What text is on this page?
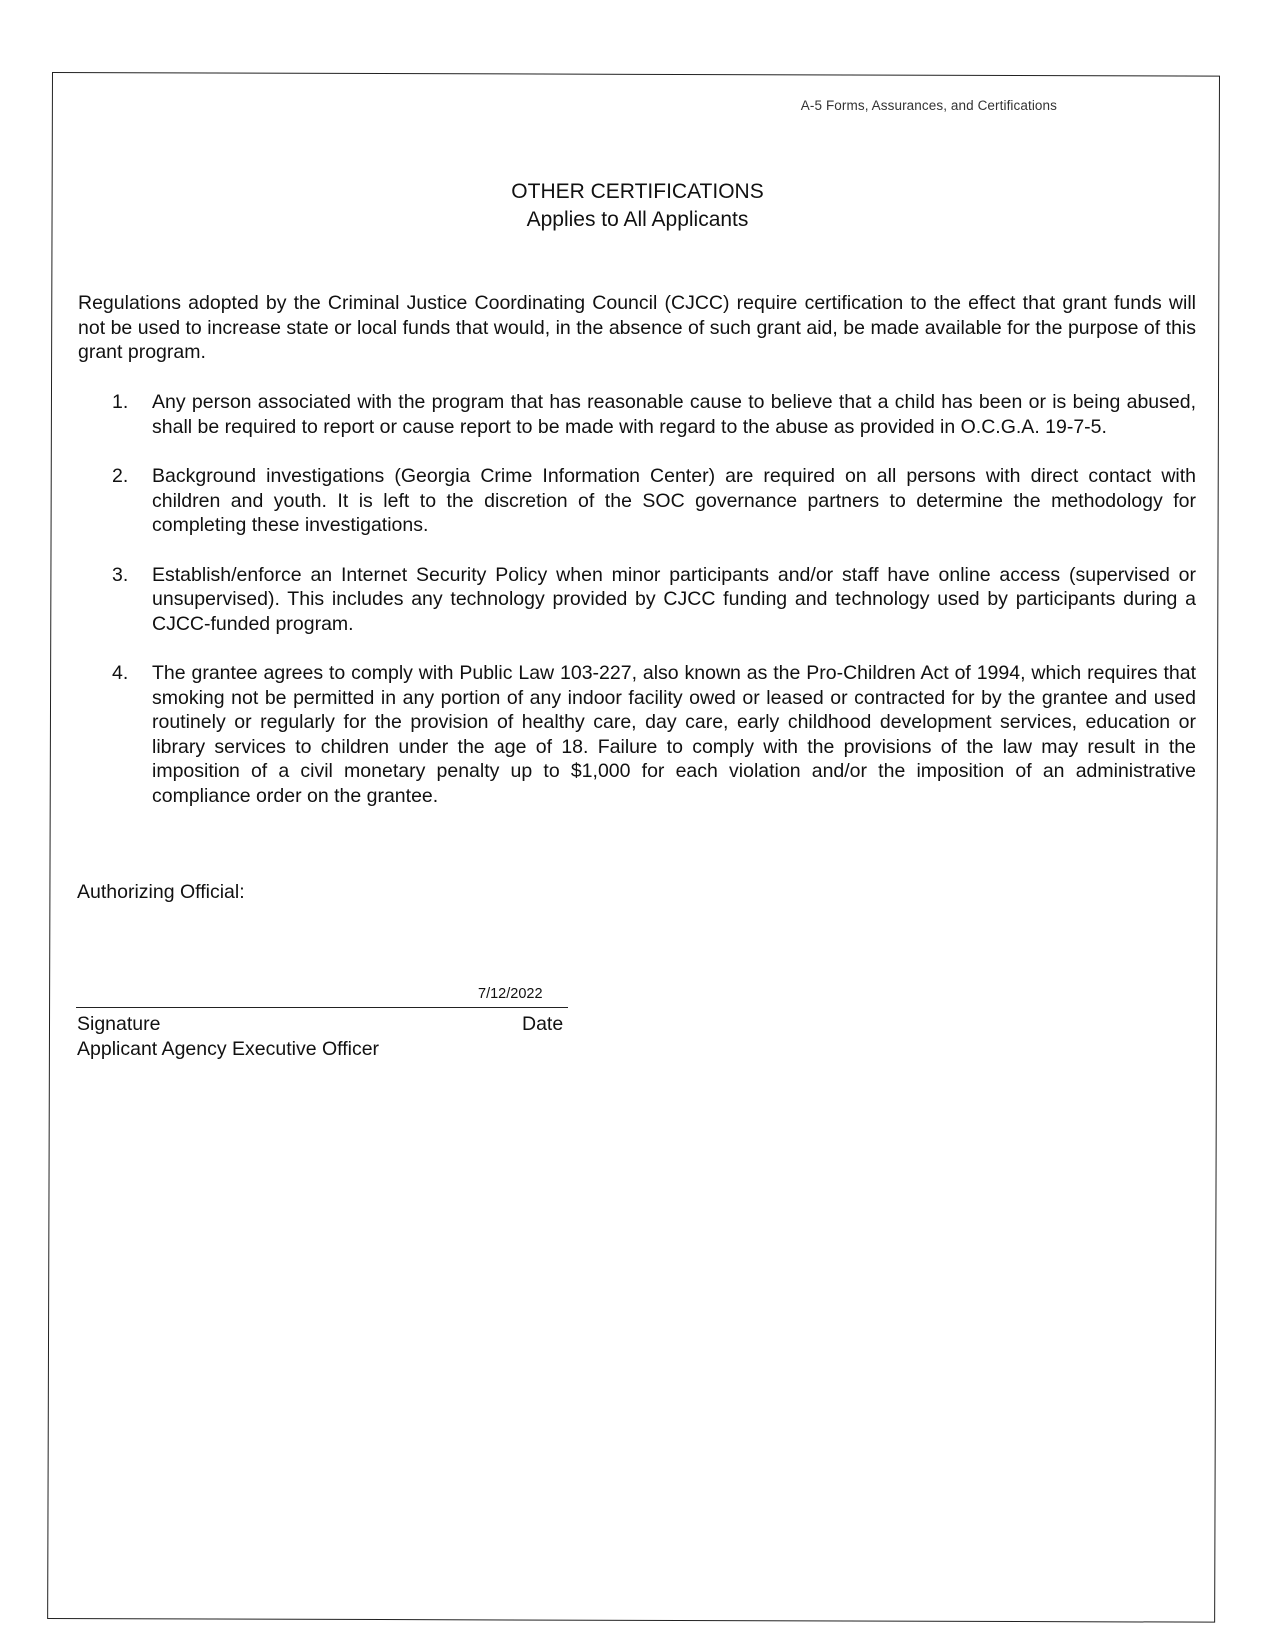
A-5 Forms, Assurances, and Certifications
OTHER CERTIFICATIONS
Applies to All Applicants
Regulations adopted by the Criminal Justice Coordinating Council (CJCC) require certification to the effect that grant funds will not be used to increase state or local funds that would, in the absence of such grant aid, be made available for the purpose of this grant program.
1.	Any person associated with the program that has reasonable cause to believe that a child has been or is being abused, shall be required to report or cause report to be made with regard to the abuse as provided in O.C.G.A. 19-7-5.
2.	Background investigations (Georgia Crime Information Center) are required on all persons with direct contact with children and youth. It is left to the discretion of the SOC governance partners to determine the methodology for completing these investigations.
3.	Establish/enforce an Internet Security Policy when minor participants and/or staff have online access (supervised or unsupervised). This includes any technology provided by CJCC funding and technology used by participants during a CJCC-funded program.
4.	The grantee agrees to comply with Public Law 103-227, also known as the Pro-Children Act of 1994, which requires that smoking not be permitted in any portion of any indoor facility owed or leased or contracted for by the grantee and used routinely or regularly for the provision of healthy care, day care, early childhood development services, education or library services to children under the age of 18. Failure to comply with the provisions of the law may result in the imposition of a civil monetary penalty up to $1,000 for each violation and/or the imposition of an administrative compliance order on the grantee.
Authorizing Official:
7/12/2022
Signature	Date
Applicant Agency Executive Officer
